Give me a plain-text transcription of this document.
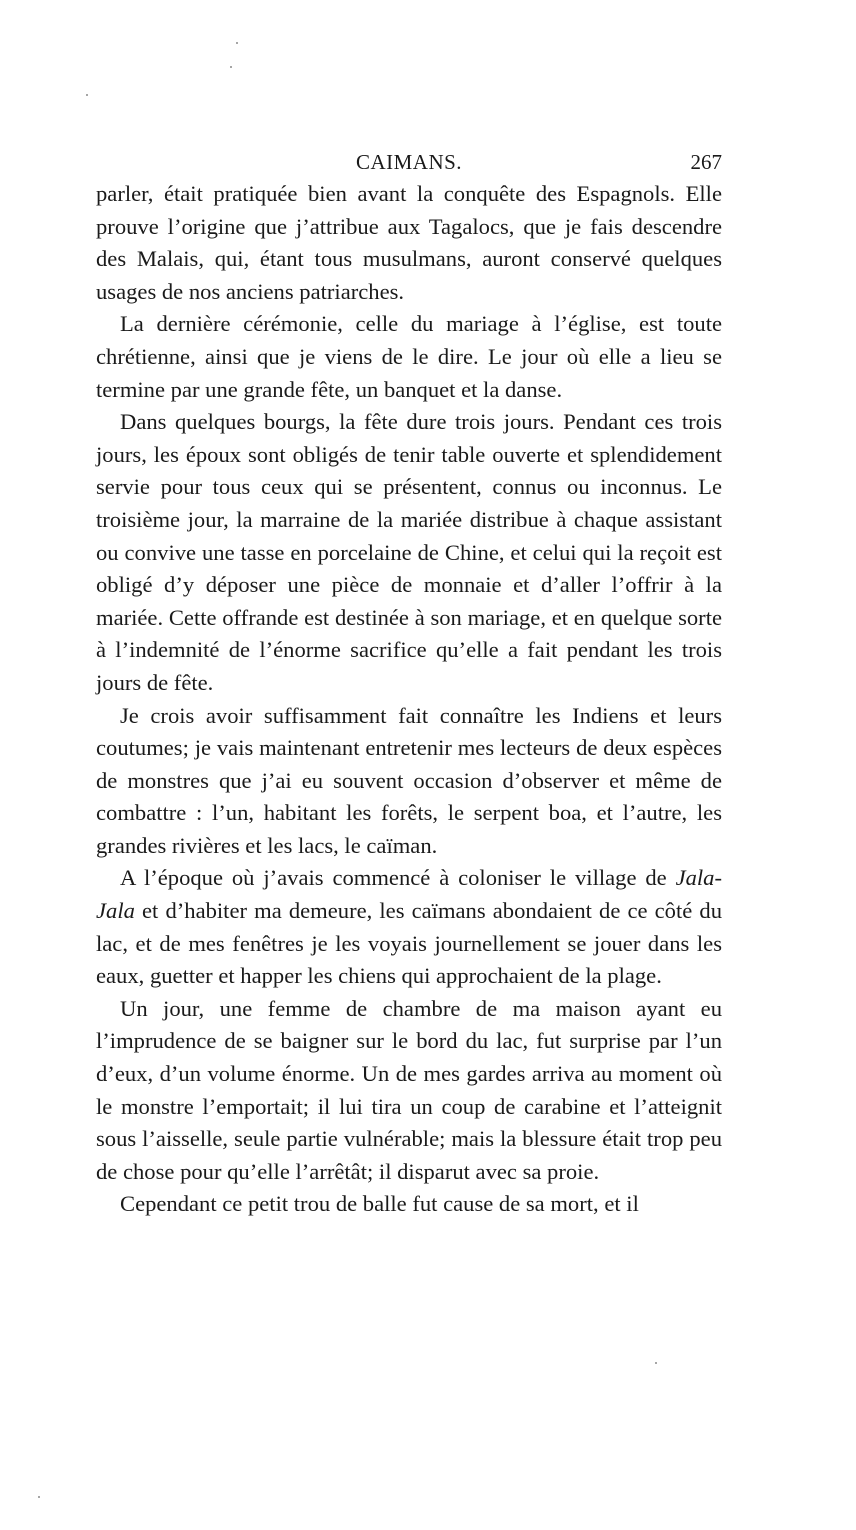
CAIMANS.	267

parler, était pratiquée bien avant la conquête des Espagnols. Elle prouve l’origine que j’attribue aux Tagalocs, que je fais descendre des Malais, qui, étant tous musulmans, auront conservé quelques usages de nos anciens patriarches.

La dernière cérémonie, celle du mariage à l’église, est toute chrétienne, ainsi que je viens de le dire. Le jour où elle a lieu se termine par une grande fête, un banquet et la danse.

Dans quelques bourgs, la fête dure trois jours. Pendant ces trois jours, les époux sont obligés de tenir table ouverte et splendidement servie pour tous ceux qui se présentent, connus ou inconnus. Le troisième jour, la marraine de la mariée distribue à chaque assistant ou convive une tasse en porcelaine de Chine, et celui qui la reçoit est obligé d’y déposer une pièce de monnaie et d’aller l’offrir à la mariée. Cette offrande est destinée à son mariage, et en quelque sorte à l’indemnité de l’énorme sacrifice qu’elle a fait pendant les trois jours de fête.

Je crois avoir suffisamment fait connaître les Indiens et leurs coutumes; je vais maintenant entretenir mes lecteurs de deux espèces de monstres que j’ai eu souvent occasion d’observer et même de combattre : l’un, habitant les forêts, le serpent boa, et l’autre, les grandes rivières et les lacs, le caïman.

A l’époque où j’avais commencé à coloniser le village de Jala-Jala et d’habiter ma demeure, les caïmans abondaient de ce côté du lac, et de mes fenêtres je les voyais journellement se jouer dans les eaux, guetter et happer les chiens qui approchaient de la plage.

Un jour, une femme de chambre de ma maison ayant eu l’imprudence de se baigner sur le bord du lac, fut surprise par l’un d’eux, d’un volume énorme. Un de mes gardes arriva au moment où le monstre l’emportait; il lui tira un coup de carabine et l’atteignit sous l’aisselle, seule partie vulnérable; mais la blessure était trop peu de chose pour qu’elle l’arrêtât; il disparut avec sa proie.

Cependant ce petit trou de balle fut cause de sa mort, et il
